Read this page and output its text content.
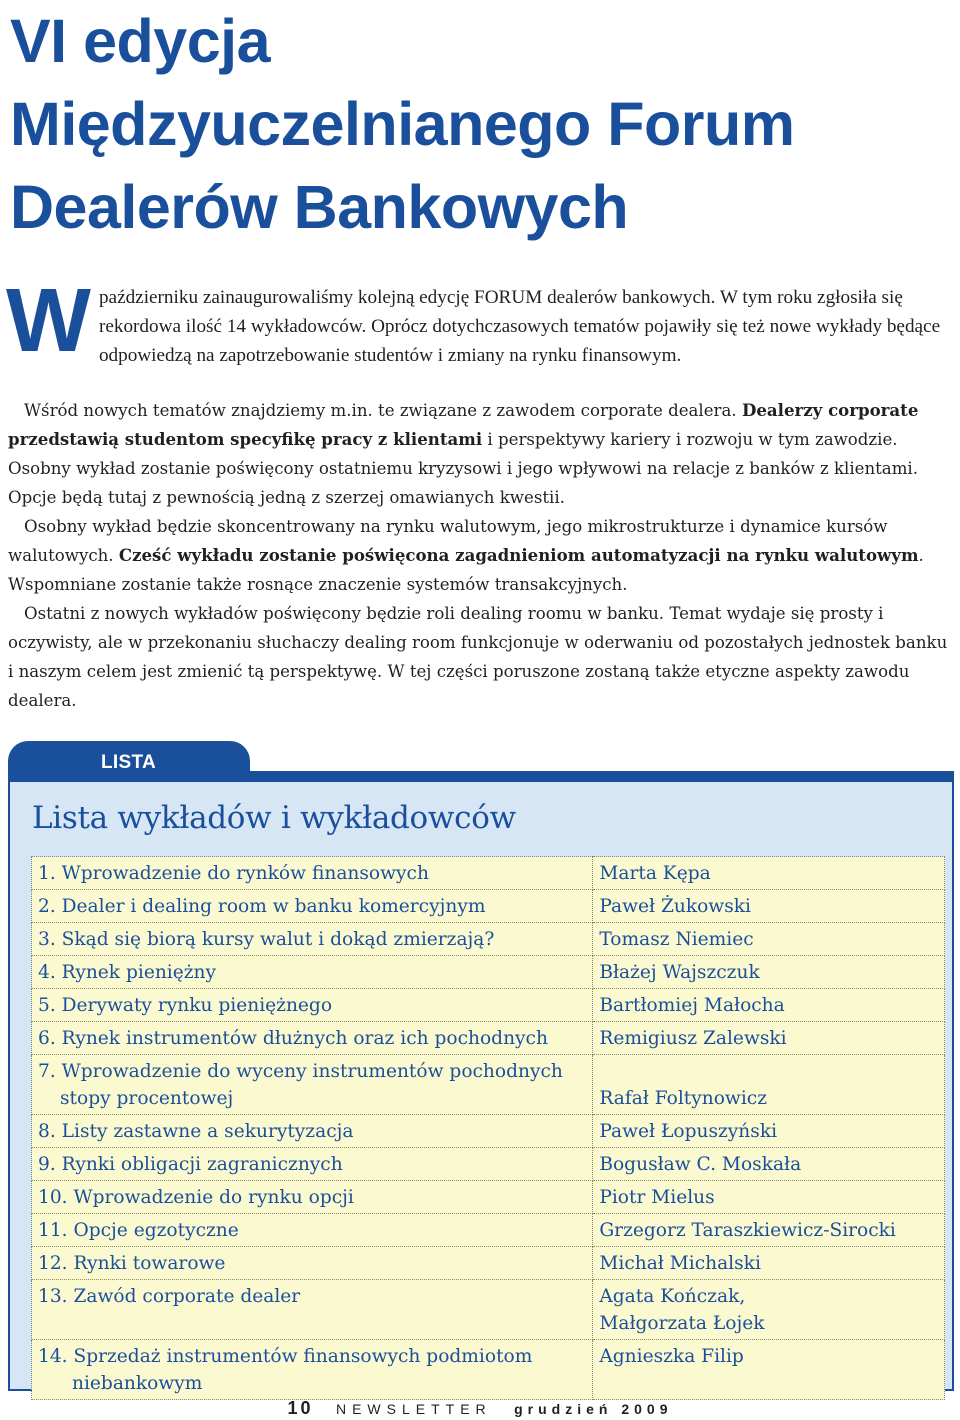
VI edycja
Międzyuczelnianego Forum
Dealerów Bankowych
Wpaździerniku zainaugurowaliśmy kolejną edycję FORUM dealerów bankowych. W tym roku zgłosiła się rekordowa ilość 14 wykładowców. Oprócz dotychczasowych tematów pojawiły się też nowe wykłady będące odpowiedzą na zapotrzebowanie studentów i zmiany na rynku finansowym.

Wśród nowych tematów znajdziemy m.in. te związane z zawodem corporate dealera. Dealerzy corporate przedstawią studentom specyfikę pracy z klientami i perspektywy kariery i rozwoju w tym zawodzie. Osobny wykład zostanie poświęcony ostatniemu kryzysowi i jego wpływowi na relacje z banków z klientami. Opcje będą tutaj z pewnością jedną z szerzej omawianych kwestii.

Osobny wykład będzie skoncentrowany na rynku walutowym, jego mikrostrukturze i dynamice kursów walutowych. Cześć wykładu zostanie poświęcona zagadnieniom automatyzacji na rynku walutowym. Wspomniane zostanie także rosnące znaczenie systemów transakcyjnych.

Ostatni z nowych wykładów poświęcony będzie roli dealing roomu w banku. Temat wydaje się prosty i oczywisty, ale w przekonaniu słuchaczy dealing room funkcjonuje w oderwaniu od pozostałych jednostek banku i naszym celem jest zmienić tą perspektywę. W tej części poruszone zostaną także etyczne aspekty zawodu dealera.

LISTA
Lista wykładów i wykładowców
1. Wprowadzenie do rynków finansowych	Marta Kępa
2. Dealer i dealing room w banku komercyjnym	Paweł Żukowski
3. Skąd się biorą kursy walut i dokąd zmierzają?	Tomasz Niemiec
4. Rynek pieniężny	Błażej Wajszczuk
5. Derywaty rynku pieniężnego	Bartłomiej Małocha
6. Rynek instrumentów dłużnych oraz ich pochodnych	Remigiusz Zalewski

7. Wprowadzenie do wyceny instrumentów pochodnych stopy procentowej	Rafał Foltynowicz
8. Listy zastawne a sekurytyzacja	Paweł Łopuszyński
9. Rynki obligacji zagranicznych	Bogusław C. Moskała
10. Wprowadzenie do rynku opcji	Piotr Mielus
11. Opcje egzotyczne	Grzegorz Taraszkiewicz-Sirocki
12. Rynki towarowe	Michał Michalski
13. Zawód corporate dealer	Agata Kończak,
Małgorzata Łojek

14. Sprzedaż instrumentów finansowych podmiotom niebankowym	Agnieszka Filip
10 NEWSLETTER grudzień 2009
